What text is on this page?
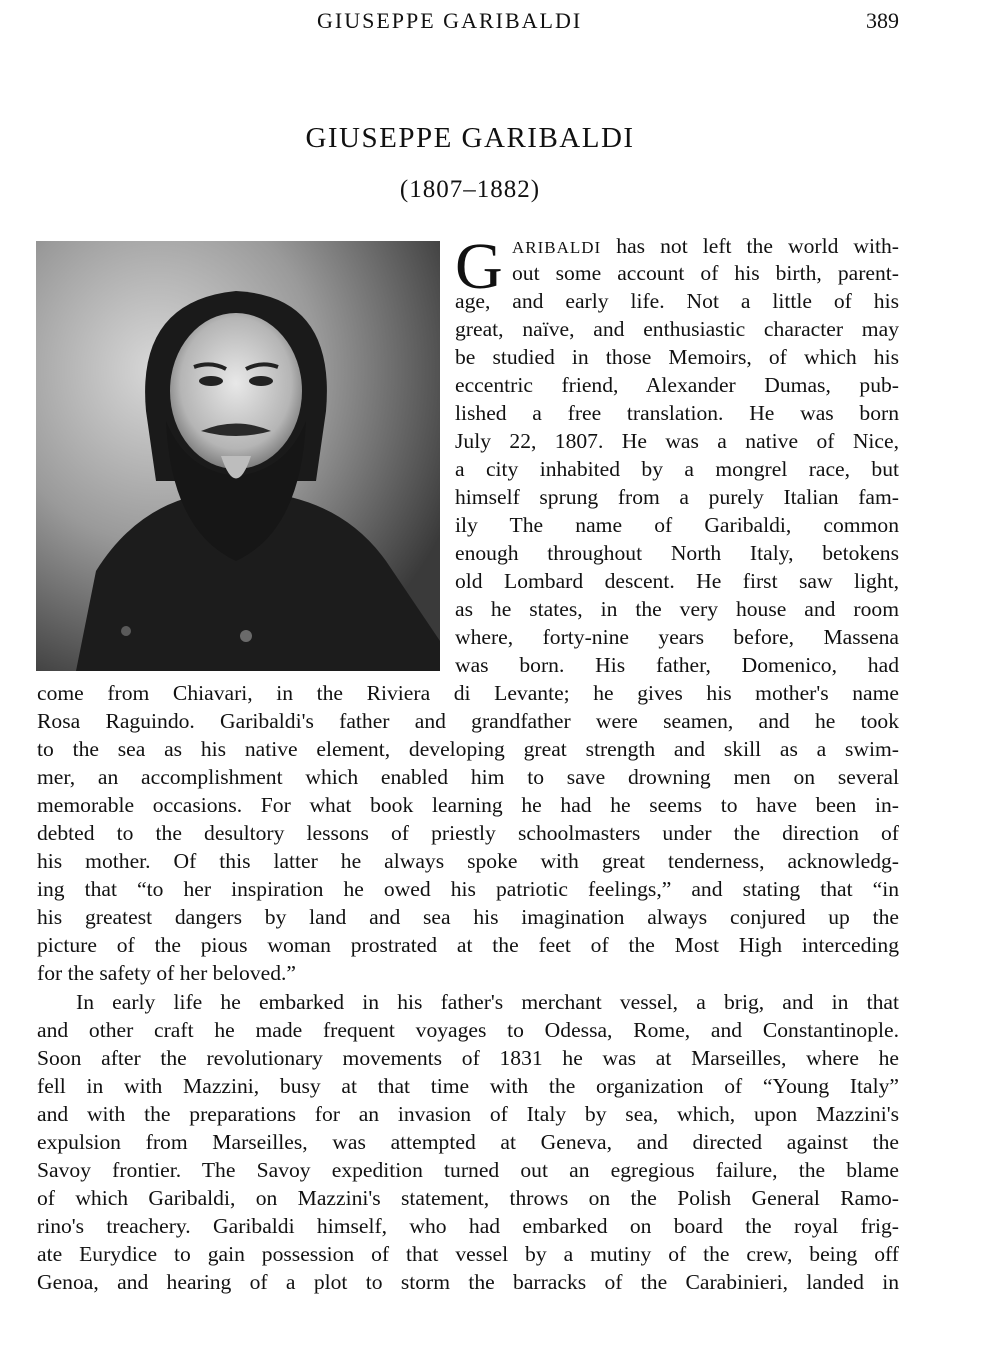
GIUSEPPE GARIBALDI	389
GIUSEPPE GARIBALDI
(1807–1882)
G ARIBALDI has not left the world with-
out some account of his birth, parent-
age, and early life. Not a little of his
great, naïve, and enthusiastic character may
be studied in those Memoirs, of which his
eccentric friend, Alexander Dumas, pub-
lished a free translation. He was born
July 22, 1807. He was a native of Nice,
a city inhabited by a mongrel race, but
himself sprung from a purely Italian fam-
ily The name of Garibaldi, common
enough throughout North Italy, betokens
old Lombard descent. He first saw light,
as he states, in the very house and room
where, forty-nine years before, Massena
was born. His father, Domenico, had
come from Chiavari, in the Riviera di Levante; he gives his mother's name
Rosa Raguindo. Garibaldi's father and grandfather were seamen, and he took
to the sea as his native element, developing great strength and skill as a swim-
mer, an accomplishment which enabled him to save drowning men on several
memorable occasions. For what book learning he had he seems to have been in-
debted to the desultory lessons of priestly schoolmasters under the direction of
his mother. Of this latter he always spoke with great tenderness, acknowledg-
ing that “to her inspiration he owed his patriotic feelings,” and stating that “in
his greatest dangers by land and sea his imagination always conjured up the
picture of the pious woman prostrated at the feet of the Most High interceding
for the safety of her beloved.”
In early life he embarked in his father's merchant vessel, a brig, and in that
and other craft he made frequent voyages to Odessa, Rome, and Constantinople.
Soon after the revolutionary movements of 1831 he was at Marseilles, where he
fell in with Mazzini, busy at that time with the organization of “Young Italy”
and with the preparations for an invasion of Italy by sea, which, upon Mazzini's
expulsion from Marseilles, was attempted at Geneva, and directed against the
Savoy frontier. The Savoy expedition turned out an egregious failure, the blame
of which Garibaldi, on Mazzini's statement, throws on the Polish General Ramo-
rino's treachery. Garibaldi himself, who had embarked on board the royal frig-
ate Eurydice to gain possession of that vessel by a mutiny of the crew, being off
Genoa, and hearing of a plot to storm the barracks of the Carabinieri, landed in
